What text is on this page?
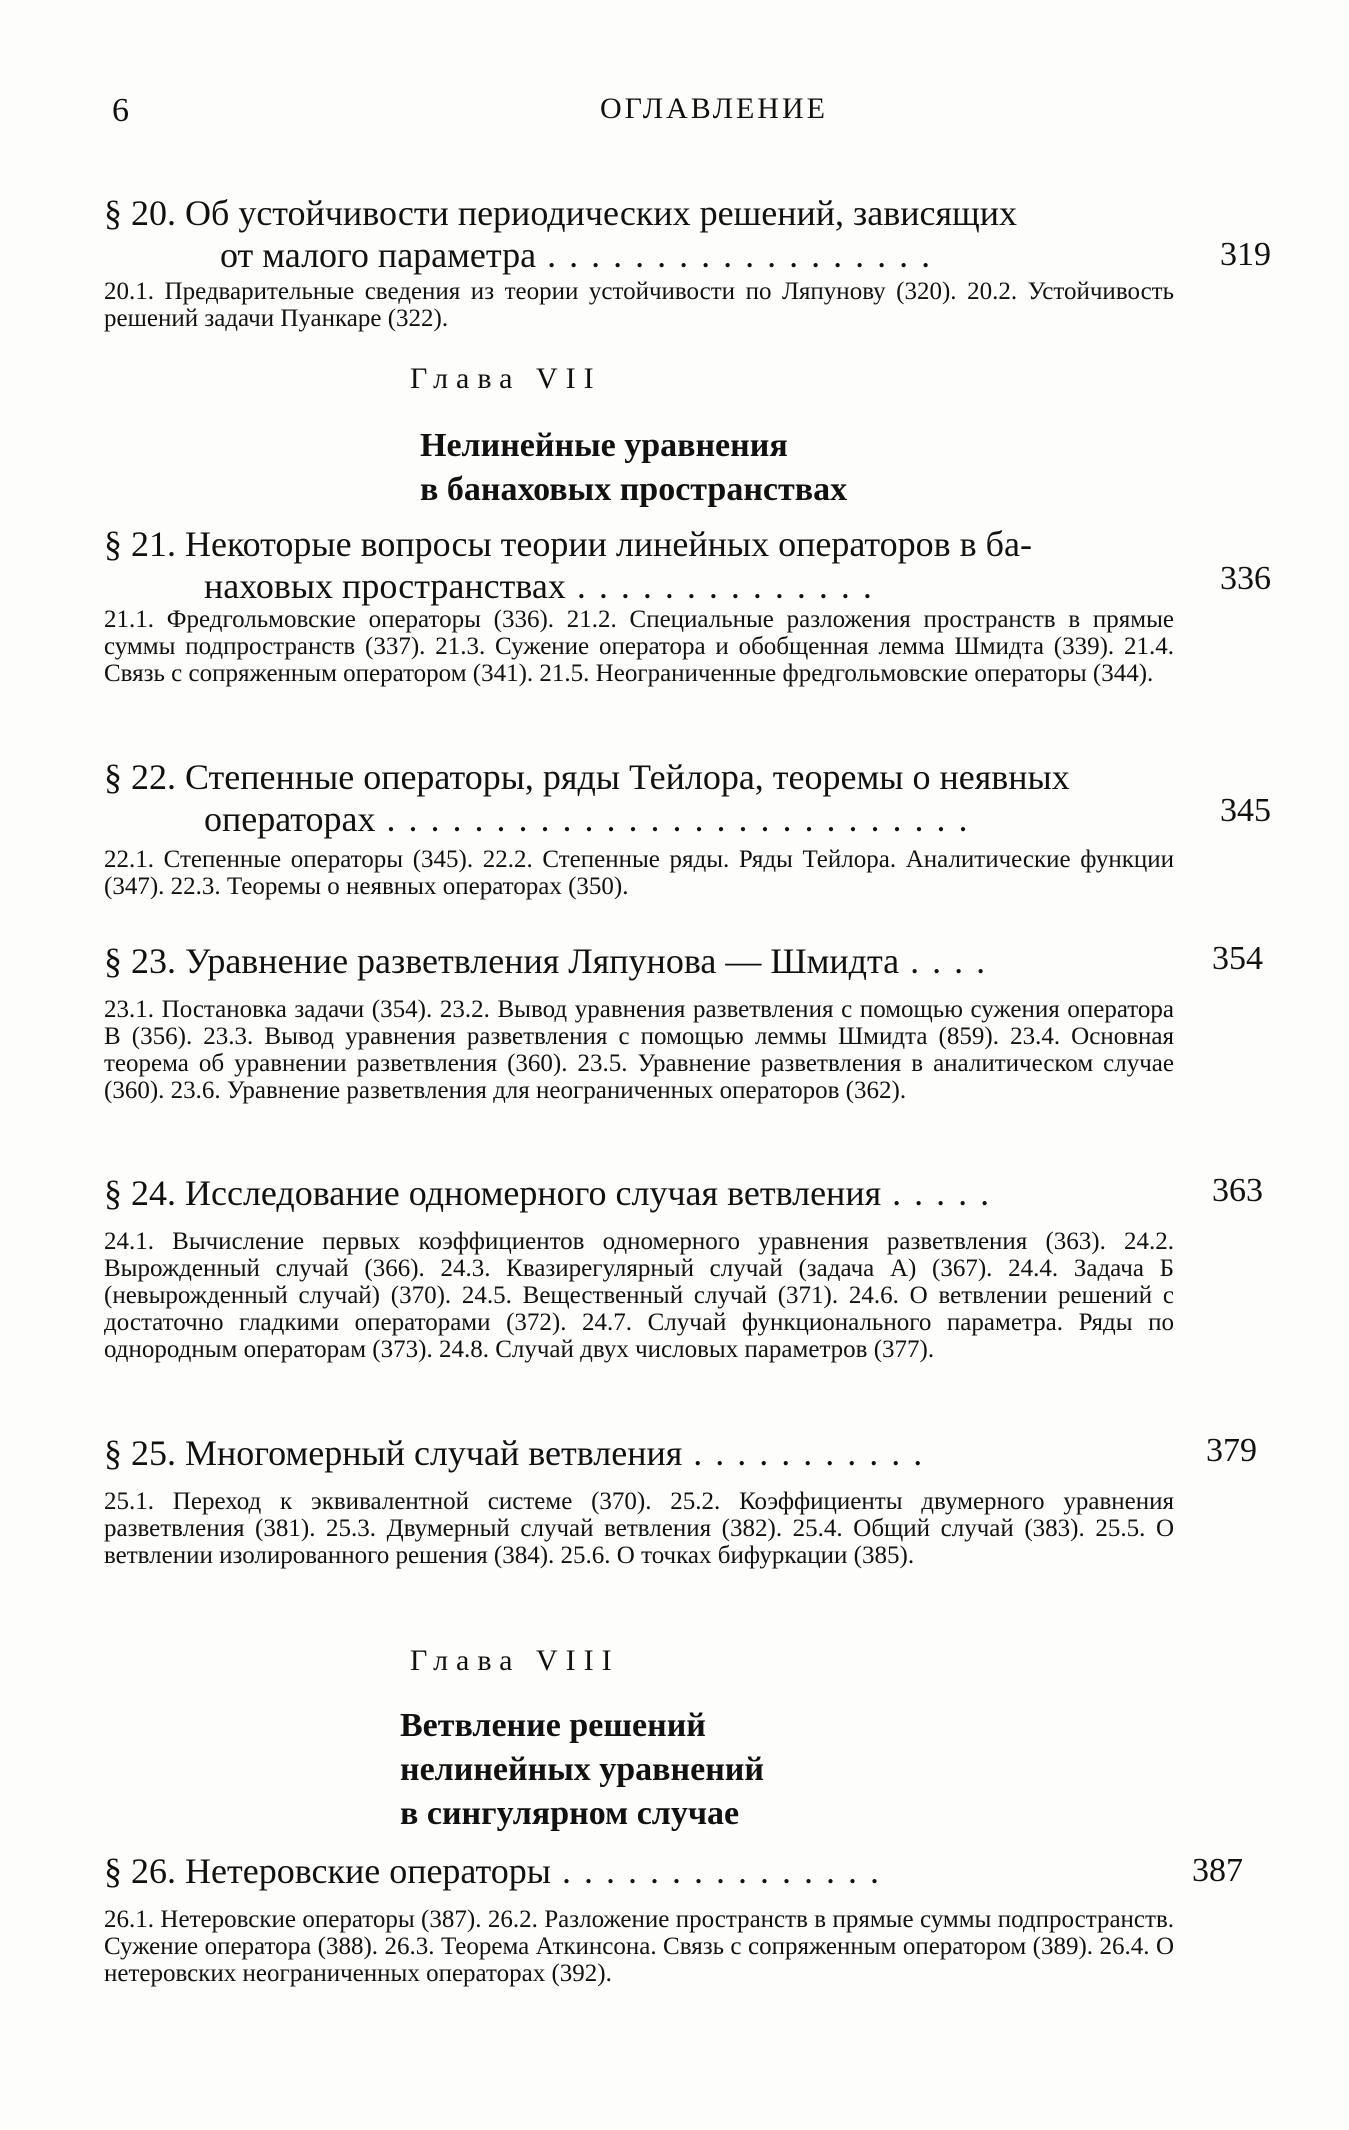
6	ОГЛАВЛЕНИЕ
§ 20. Об устойчивости периодических решений, зависящих
от малого параметра . . . . . . . . . . . . . . . . . .	319
20.1. Предварительные сведения из теории устойчивости по Ляпунову (320). 20.2. Устойчивость решений задачи Пуанкаре (322).
Глава VII
Нелинейные уравнения
в банаховых пространствах
§ 21. Некоторые вопросы теории линейных операторов в ба-
наховых пространствах . . . . . . . . . . . . . .	336
21.1. Фредгольмовские операторы (336). 21.2. Специальные разложения пространств в прямые суммы подпространств (337). 21.3. Сужение оператора и обобщенная лемма Шмидта (339). 21.4. Связь с сопряженным оператором (341). 21.5. Неограниченные фредгольмовские операторы (344).
§ 22. Степенные операторы, ряды Тейлора, теоремы о неявных
операторах . . . . . . . . . . . . . . . . . . . . . . . . . . .	345
22.1. Степенные операторы (345). 22.2. Степенные ряды. Ряды Тейлора. Аналитические функции (347). 22.3. Теоремы о неявных операторах (350).
§ 23. Уравнение разветвления Ляпунова — Шмидта . . . .	354
23.1. Постановка задачи (354). 23.2. Вывод уравнения разветвления с помощью сужения оператора B (356). 23.3. Вывод уравнения разветвления с помощью леммы Шмидта (859). 23.4. Основная теорема об уравнении разветвления (360). 23.5. Уравнение разветвления в аналитическом случае (360). 23.6. Уравнение разветвления для неограниченных операторов (362).
§ 24. Исследование одномерного случая ветвления . . . . .	363
24.1. Вычисление первых коэффициентов одномерного уравнения разветвления (363). 24.2. Вырожденный случай (366). 24.3. Квазирегулярный случай (задача А) (367). 24.4. Задача Б (невырожденный случай) (370). 24.5. Вещественный случай (371). 24.6. О ветвлении решений с достаточно гладкими операторами (372). 24.7. Случай функционального параметра. Ряды по однородным операторам (373). 24.8. Случай двух числовых параметров (377).
§ 25. Многомерный случай ветвления . . . . . . . . . . .	379
25.1. Переход к эквивалентной системе (370). 25.2. Коэффициенты двумерного уравнения разветвления (381). 25.3. Двумерный случай ветвления (382). 25.4. Общий случай (383). 25.5. О ветвлении изолированного решения (384). 25.6. О точках бифуркации (385).
Глава VIII
Ветвление решений
нелинейных уравнений
в сингулярном случае
§ 26. Нетеровские операторы . . . . . . . . . . . . . . .	387
26.1. Нетеровские операторы (387). 26.2. Разложение пространств в прямые суммы подпространств. Сужение оператора (388). 26.3. Теорема Аткинсона. Связь с сопряженным оператором (389). 26.4. О нетеровских неограниченных операторах (392).
